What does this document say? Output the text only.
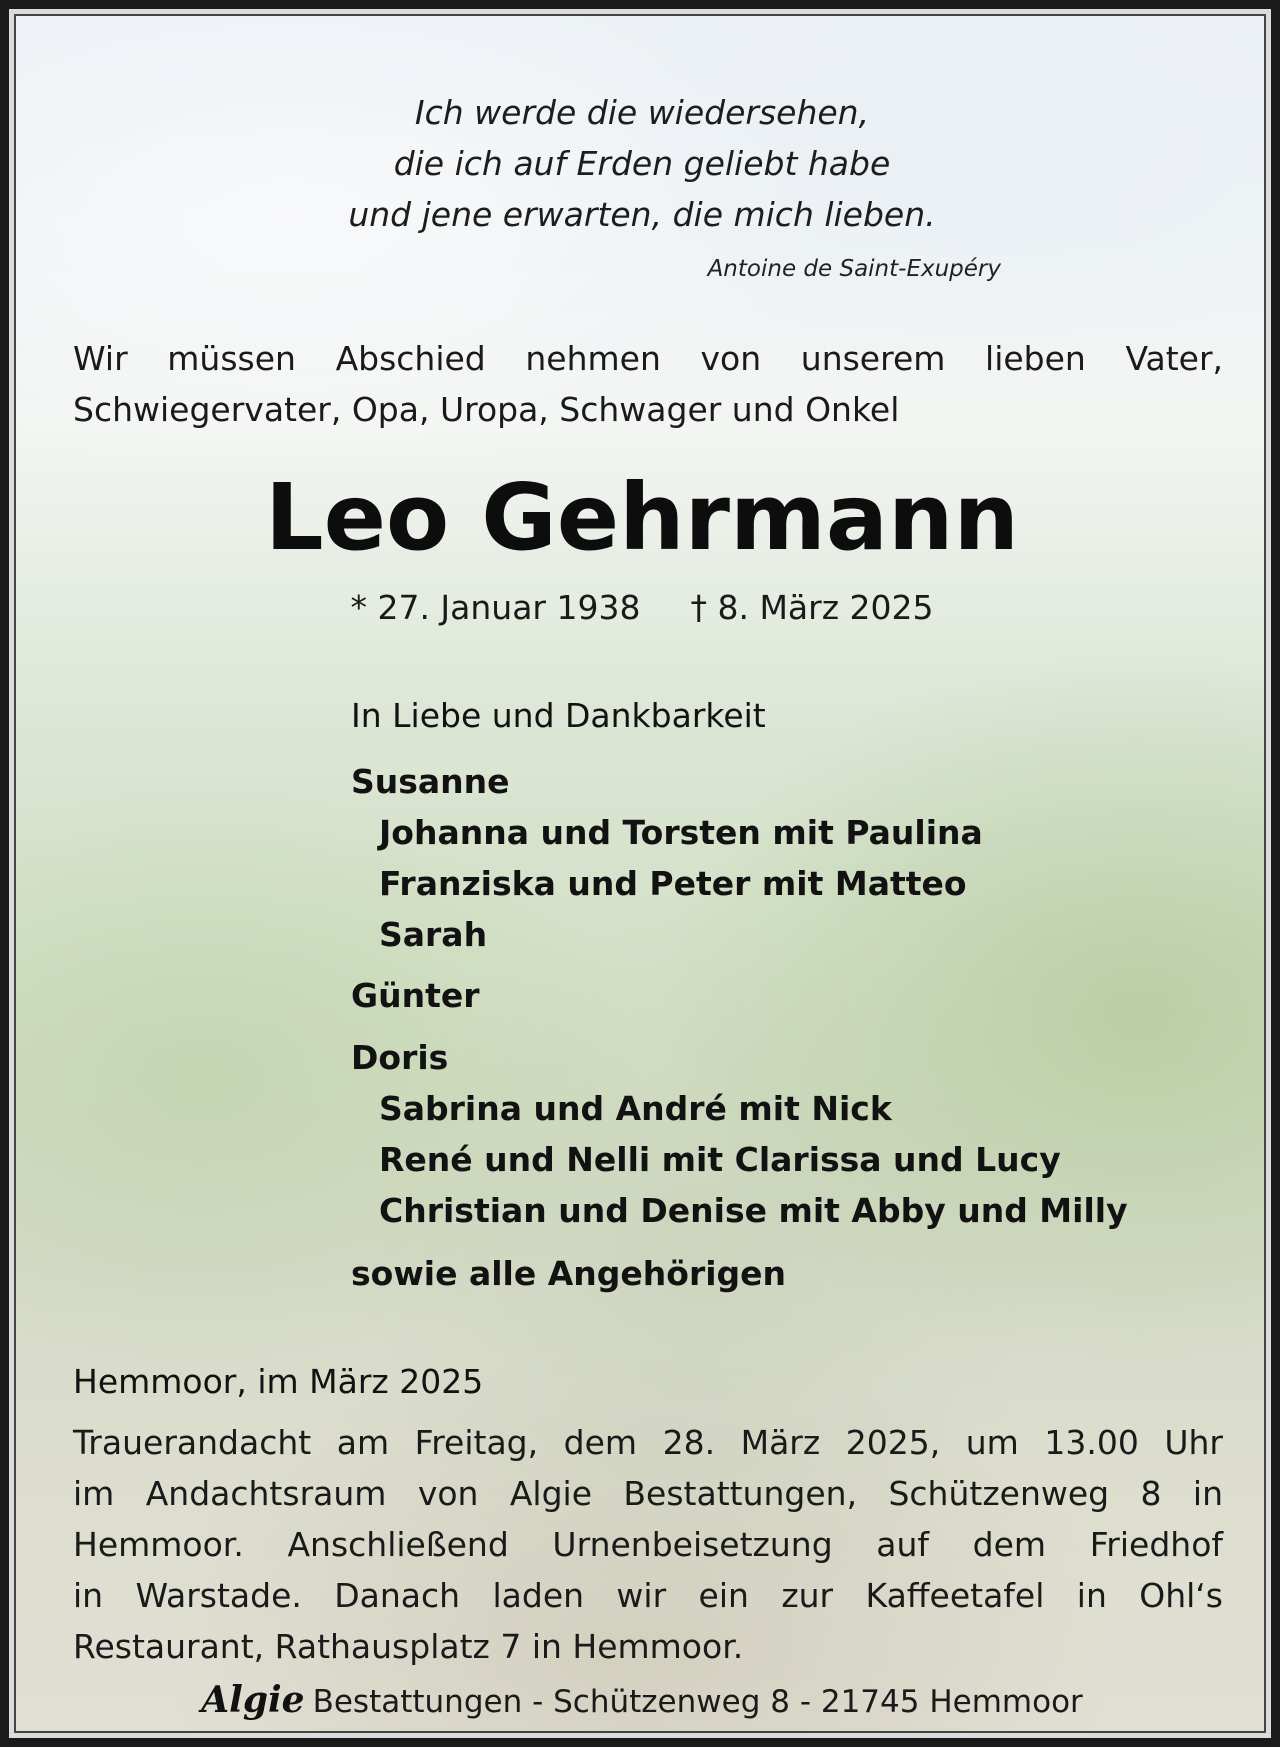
Ich werde die wiedersehen,
die ich auf Erden geliebt habe
und jene erwarten, die mich lieben.
Antoine de Saint-Exupéry
Wir müssen Abschied nehmen von unserem lieben Vater,
Schwiegervater, Opa, Uropa, Schwager und Onkel
Leo Gehrmann
* 27. Januar 1938 † 8. März 2025
In Liebe und Dankbarkeit
Susanne
Johanna und Torsten mit Paulina
Franziska und Peter mit Matteo
Sarah
Günter
Doris
Sabrina und André mit Nick
René und Nelli mit Clarissa und Lucy
Christian und Denise mit Abby und Milly
sowie alle Angehörigen
Hemmoor, im März 2025
Trauerandacht am Freitag, dem 28. März 2025, um 13.00 Uhr
im Andachtsraum von Algie Bestattungen, Schützenweg 8 in
Hemmoor. Anschließend Urnenbeisetzung auf dem Friedhof
in Warstade. Danach laden wir ein zur Kaffeetafel in Ohl‘s
Restaurant, Rathausplatz 7 in Hemmoor.
Algie Bestattungen - Schützenweg 8 - 21745 Hemmoor
